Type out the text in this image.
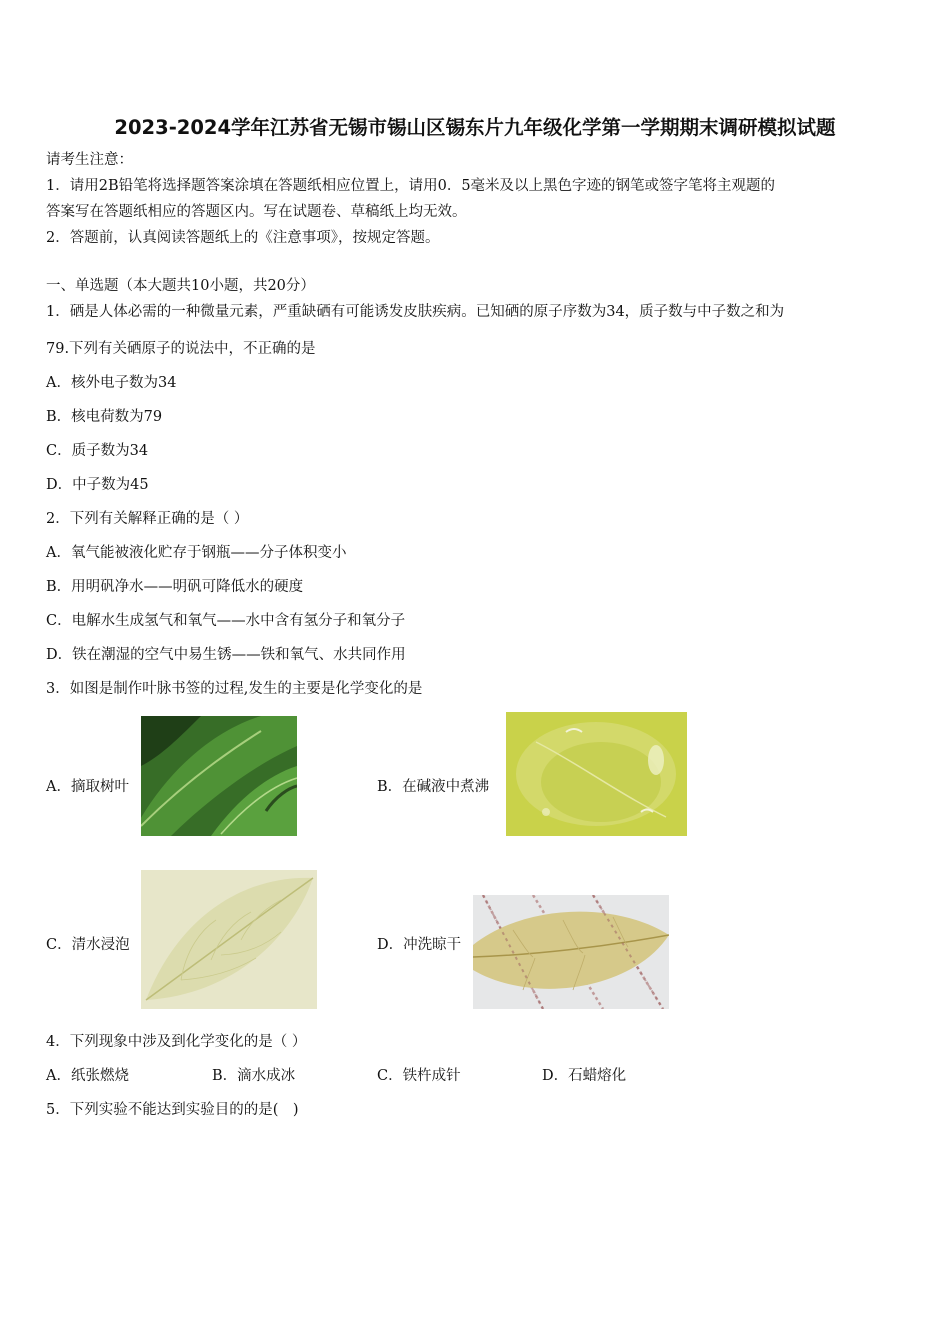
2023-2024学年江苏省无锡市锡山区锡东片九年级化学第一学期期末调研模拟试题
请考生注意：
1．请用2B铅笔将选择题答案涂填在答题纸相应位置上，请用0．5毫米及以上黑色字迹的钢笔或签字笔将主观题的
答案写在答题纸相应的答题区内。写在试题卷、草稿纸上均无效。
2．答题前，认真阅读答题纸上的《注意事项》，按规定答题。
一、单选题（本大题共10小题，共20分）
1．硒是人体必需的一种微量元素，严重缺硒有可能诱发皮肤疾病。已知硒的原子序数为34，质子数与中子数之和为
79.下列有关硒原子的说法中，不正确的是
A．核外电子数为34
B．核电荷数为79
C．质子数为34
D．中子数为45
2．下列有关解释正确的是（ ）
A．氧气能被液化贮存于钢瓶——分子体积变小
B．用明矾净水——明矾可降低水的硬度
C．电解水生成氢气和氧气——水中含有氢分子和氧分子
D．铁在潮湿的空气中易生锈——铁和氧气、水共同作用
3．如图是制作叶脉书签的过程,发生的主要是化学变化的是
A．摘取树叶	B．在碱液中煮沸
C．清水浸泡	D．冲洗晾干
4．下列现象中涉及到化学变化的是（ ）
A．纸张燃烧	B．滴水成冰	C．铁杵成针	D．石蜡熔化
5．下列实验不能达到实验目的的是(　)
